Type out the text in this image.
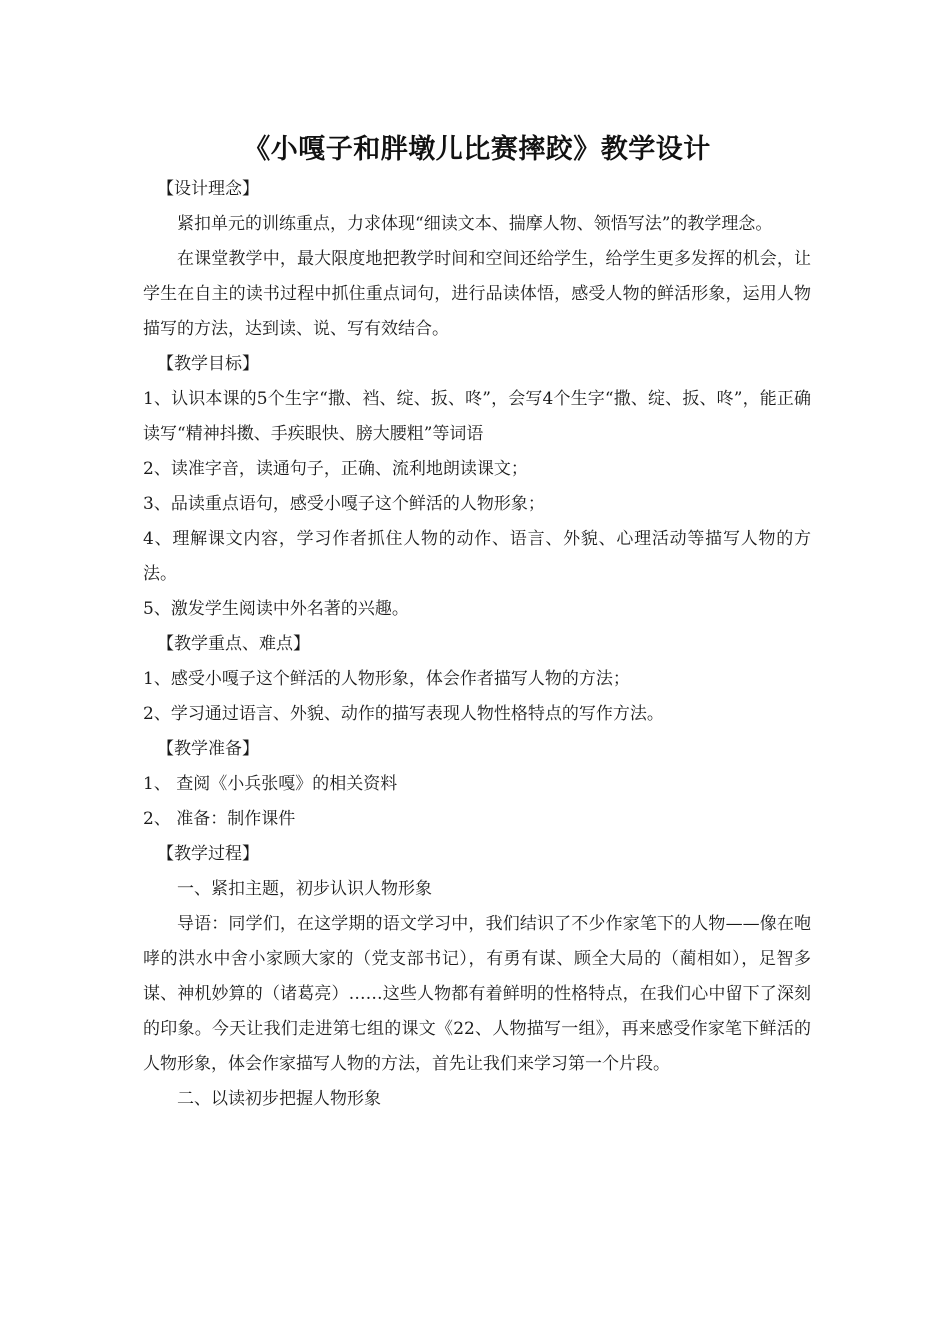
《小嘎子和胖墩儿比赛摔跤》教学设计

【设计理念】

紧扣单元的训练重点，力求体现“细读文本、揣摩人物、领悟写法”的教学理念。

在课堂教学中，最大限度地把教学时间和空间还给学生，给学生更多发挥的机会，让学生在自主的读书过程中抓住重点词句，进行品读体悟，感受人物的鲜活形象，运用人物描写的方法，达到读、说、写有效结合。

【教学目标】

1、认识本课的5个生字“撒、裆、绽、扳、咚”，会写4个生字“撒、绽、扳、咚”，能正确读写“精神抖擞、手疾眼快、膀大腰粗”等词语

2、读准字音，读通句子，正确、流利地朗读课文；

3、品读重点语句，感受小嘎子这个鲜活的人物形象；

4、理解课文内容，学习作者抓住人物的动作、语言、外貌、心理活动等描写人物的方法。

5、激发学生阅读中外名著的兴趣。

【教学重点、难点】

1、感受小嘎子这个鲜活的人物形象，体会作者描写人物的方法；

2、学习通过语言、外貌、动作的描写表现人物性格特点的写作方法。

【教学准备】

1、 查阅《小兵张嘎》的相关资料

2、 准备：制作课件

【教学过程】

一、紧扣主题，初步认识人物形象

导语：同学们，在这学期的语文学习中，我们结识了不少作家笔下的人物——像在咆哮的洪水中舍小家顾大家的（党支部书记），有勇有谋、顾全大局的（蔺相如），足智多谋、神机妙算的（诸葛亮）……这些人物都有着鲜明的性格特点，在我们心中留下了深刻的印象。今天让我们走进第七组的课文《22、人物描写一组》，再来感受作家笔下鲜活的人物形象，体会作家描写人物的方法，首先让我们来学习第一个片段。

二、以读初步把握人物形象
